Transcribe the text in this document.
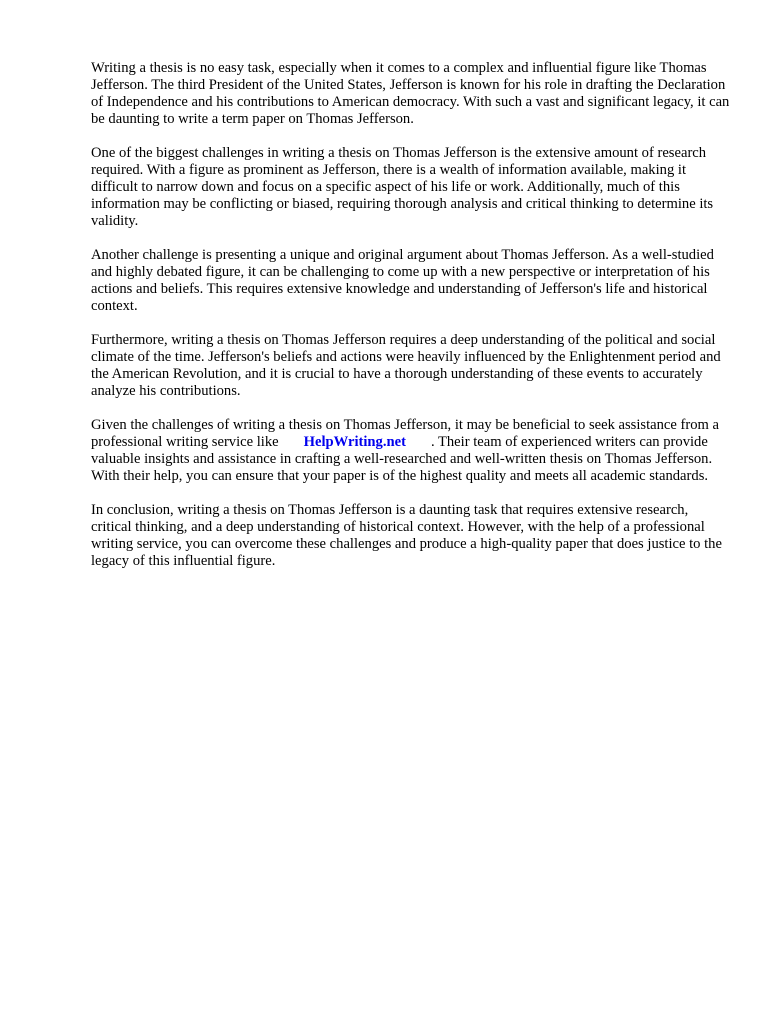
Writing a thesis is no easy task, especially when it comes to a complex and influential figure like Thomas Jefferson. The third President of the United States, Jefferson is known for his role in drafting the Declaration of Independence and his contributions to American democracy. With such a vast and significant legacy, it can be daunting to write a term paper on Thomas Jefferson.

One of the biggest challenges in writing a thesis on Thomas Jefferson is the extensive amount of research required. With a figure as prominent as Jefferson, there is a wealth of information available, making it difficult to narrow down and focus on a specific aspect of his life or work. Additionally, much of this information may be conflicting or biased, requiring thorough analysis and critical thinking to determine its validity.

Another challenge is presenting a unique and original argument about Thomas Jefferson. As a well-studied and highly debated figure, it can be challenging to come up with a new perspective or interpretation of his actions and beliefs. This requires extensive knowledge and understanding of Jefferson's life and historical context.

Furthermore, writing a thesis on Thomas Jefferson requires a deep understanding of the political and social climate of the time. Jefferson's beliefs and actions were heavily influenced by the Enlightenment period and the American Revolution, and it is crucial to have a thorough understanding of these events to accurately analyze his contributions.

Given the challenges of writing a thesis on Thomas Jefferson, it may be beneficial to seek assistance from a professional writing service like HelpWriting.net . Their team of experienced writers can provide valuable insights and assistance in crafting a well-researched and well-written thesis on Thomas Jefferson. With their help, you can ensure that your paper is of the highest quality and meets all academic standards.

In conclusion, writing a thesis on Thomas Jefferson is a daunting task that requires extensive research, critical thinking, and a deep understanding of historical context. However, with the help of a professional writing service, you can overcome these challenges and produce a high-quality paper that does justice to the legacy of this influential figure.
